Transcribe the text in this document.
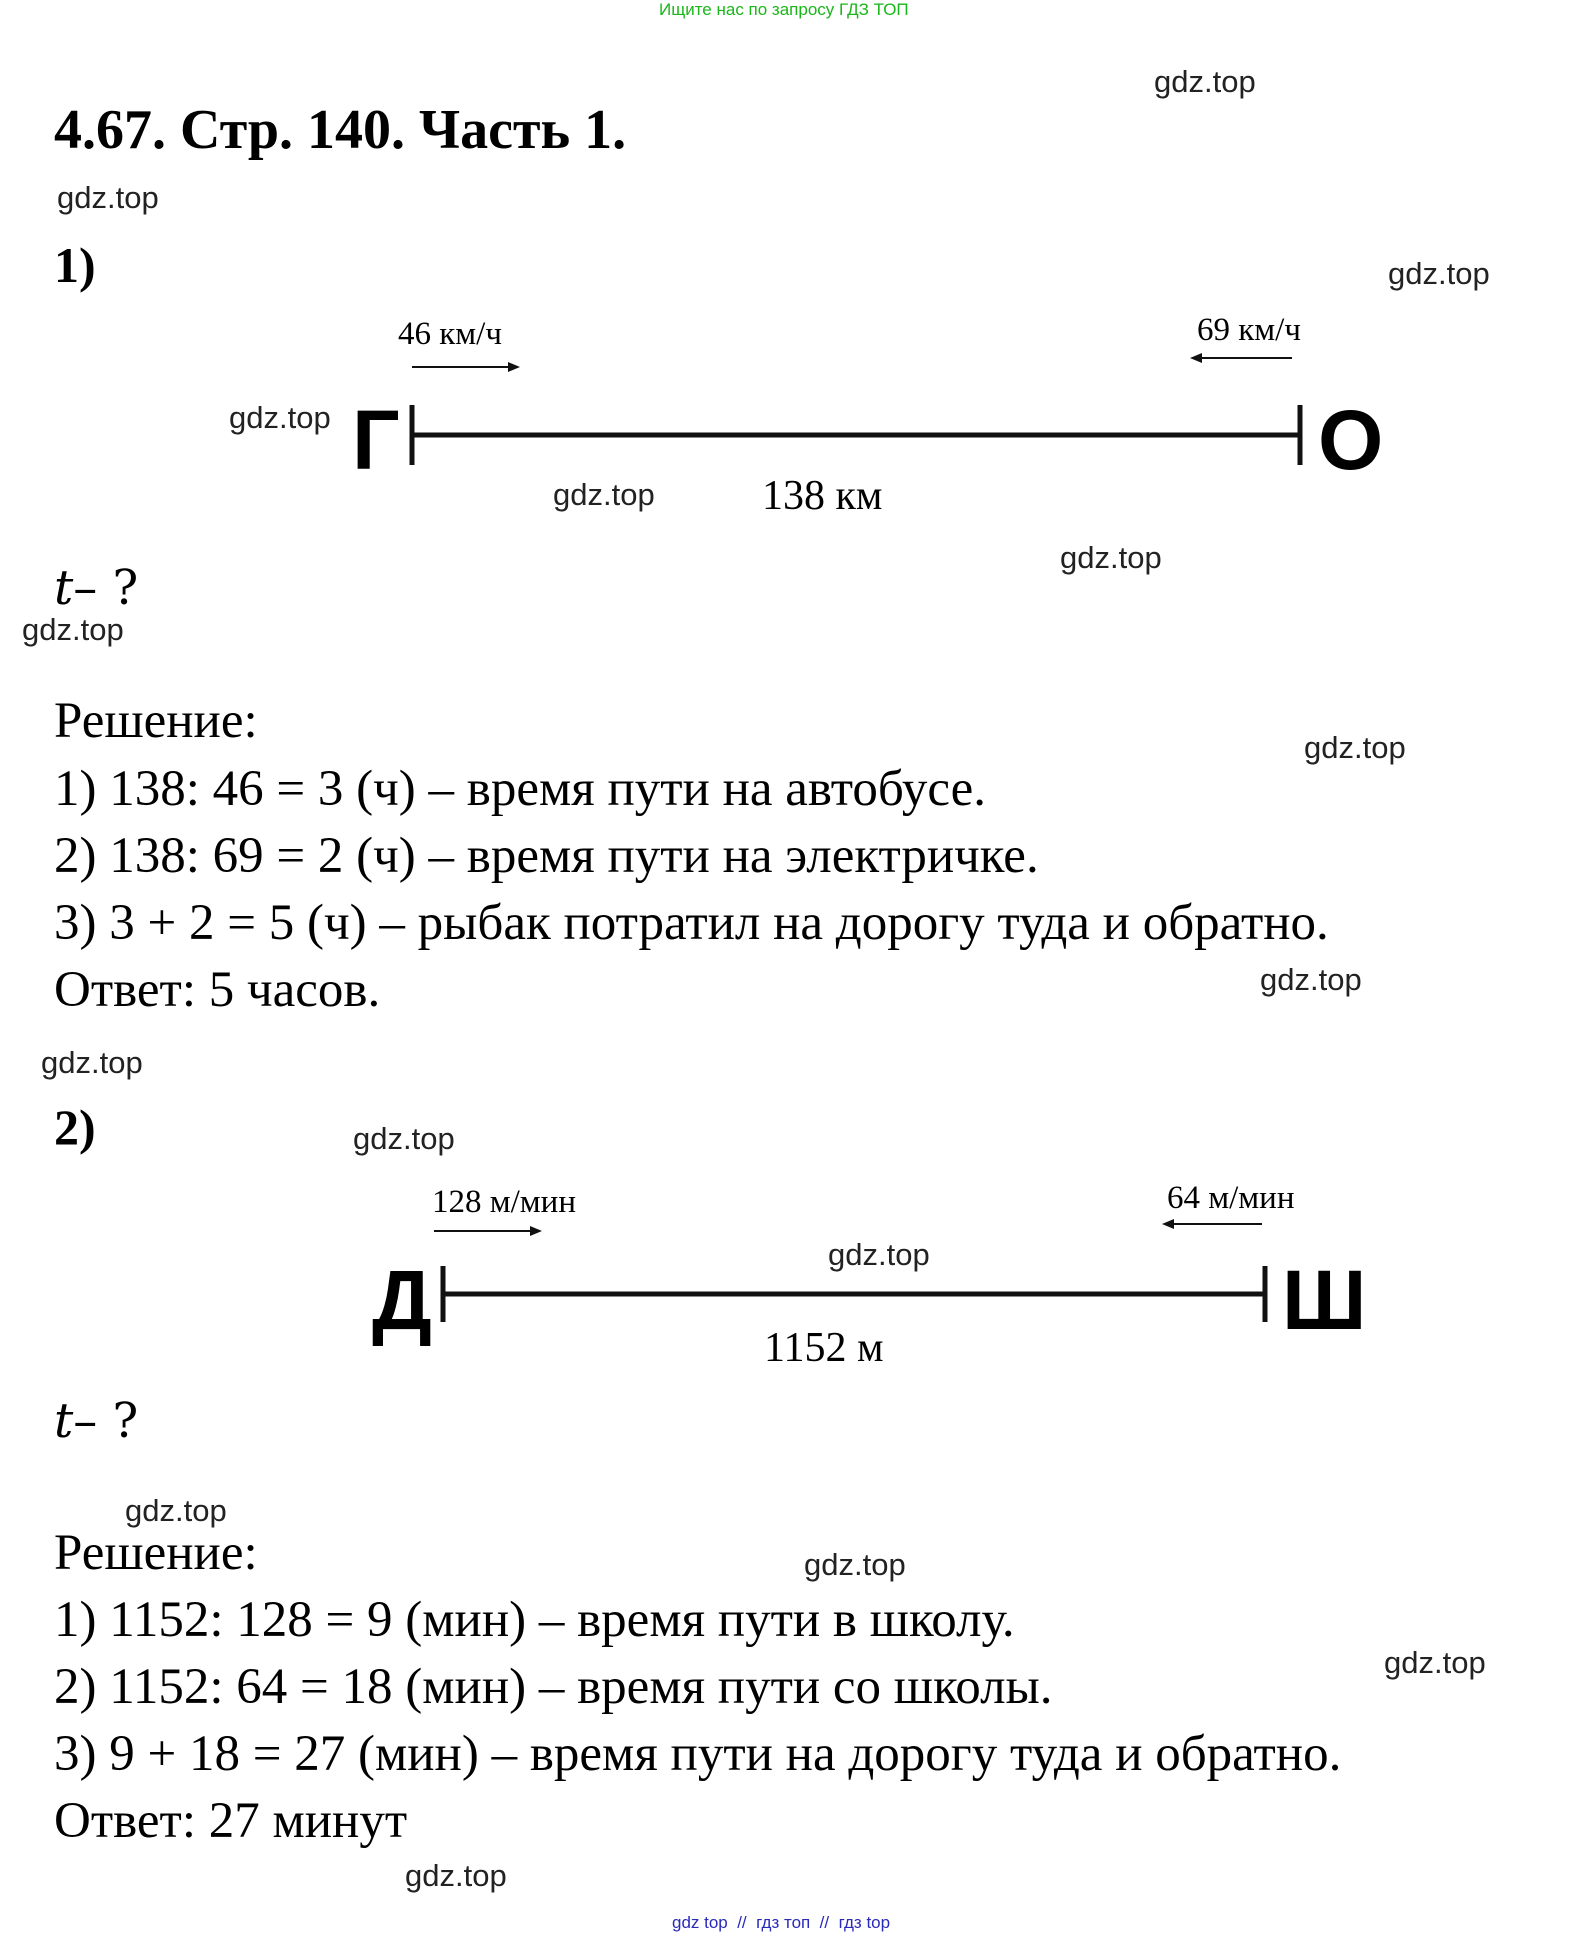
Ищите нас по запросу ГДЗ ТОП
4.67. Стр. 140. Часть 1.
1)
46 км/ч	69 км/ч
Г	О
138 км
t– ?
Решение:
1) 138: 46 = 3 (ч) – время пути на автобусе.
2) 138: 69 = 2 (ч) – время пути на электричке.
3) 3 + 2 = 5 (ч) – рыбак потратил на дорогу туда и обратно.
Ответ: 5 часов.
2)
128 м/мин	64 м/мин
Д	Ш
1152 м
t– ?
Решение:
1) 1152: 128 = 9 (мин) – время пути в школу.
2) 1152: 64 = 18 (мин) – время пути со школы.
3) 9 + 18 = 27 (мин) – время пути на дорогу туда и обратно.
Ответ: 27 минут
gdz.top
gdz.top
gdz.top
gdz.top
gdz.top
gdz.top
gdz.top
gdz.top
gdz.top
gdz.top
gdz.top
gdz.top
gdz.top
gdz.top
gdz.top
gdz.top
gdz top  //  гдз топ  //  гдз top
